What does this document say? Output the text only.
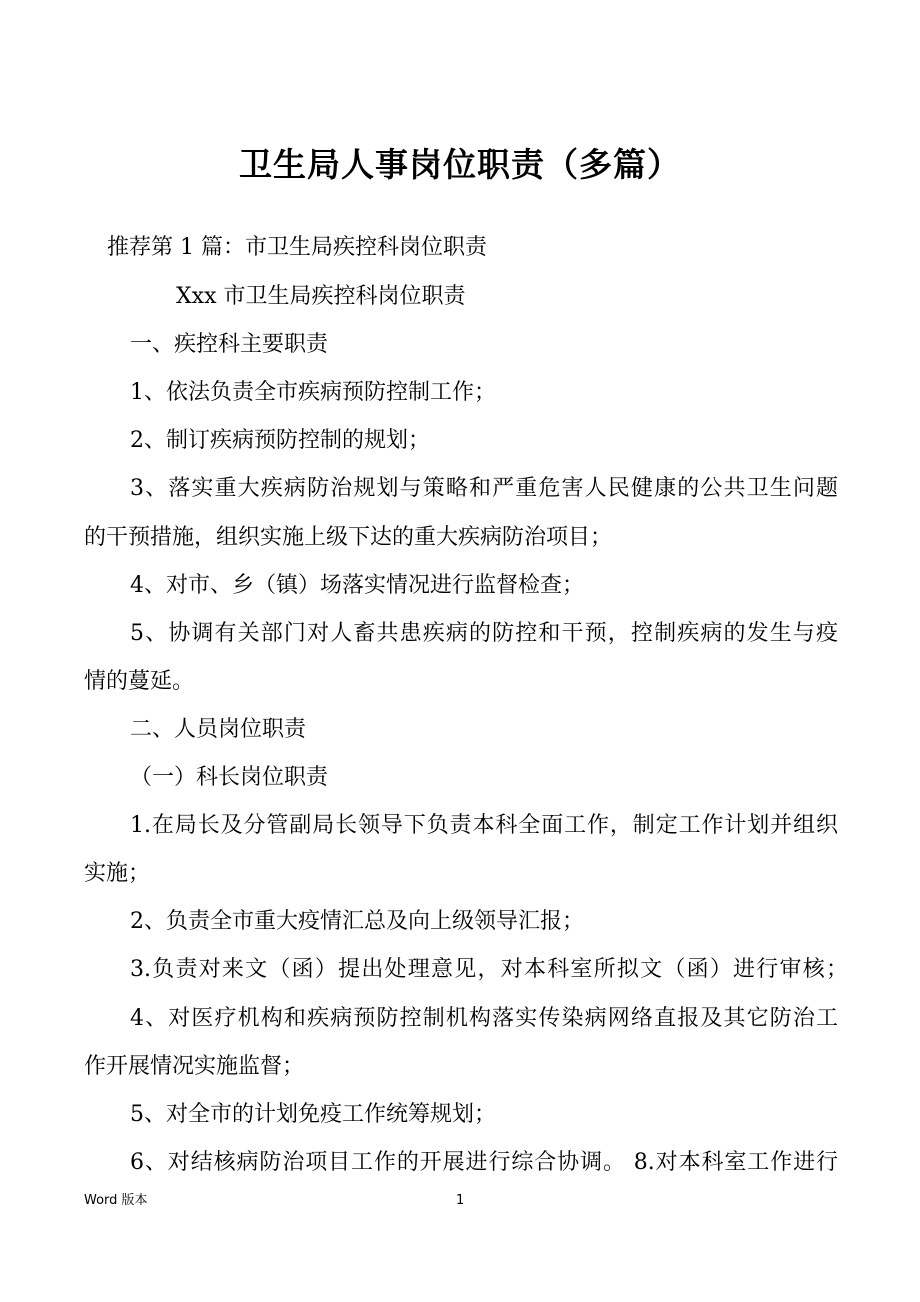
卫生局人事岗位职责（多篇）
推荐第 1 篇：市卫生局疾控科岗位职责
Xxx 市卫生局疾控科岗位职责
一、疾控科主要职责
1、依法负责全市疾病预防控制工作；
2、制订疾病预防控制的规划；
3、落实重大疾病防治规划与策略和严重危害人民健康的公共卫生问题
的干预措施，组织实施上级下达的重大疾病防治项目；
4、对市、乡（镇）场落实情况进行监督检查；
5、协调有关部门对人畜共患疾病的防控和干预，控制疾病的发生与疫
情的蔓延。
二、人员岗位职责
（一）科长岗位职责
1.在局长及分管副局长领导下负责本科全面工作，制定工作计划并组织
实施；
2、负责全市重大疫情汇总及向上级领导汇报；
3.负责对来文（函）提出处理意见，对本科室所拟文（函）进行审核；
4、对医疗机构和疾病预防控制机构落实传染病网络直报及其它防治工
作开展情况实施监督；
5、对全市的计划免疫工作统筹规划；
6、对结核病防治项目工作的开展进行综合协调。 8.对本科室工作进行
Word 版本	1
